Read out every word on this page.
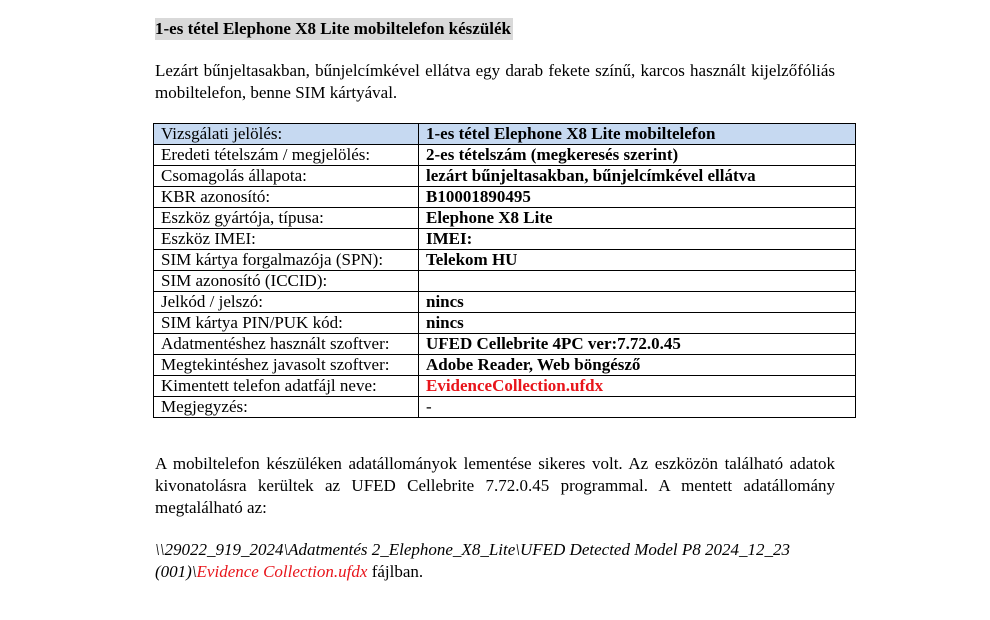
1-es tétel Elephone X8 Lite mobiltelefon készülék
Lezárt bűnjeltasakban, bűnjelcímkével ellátva egy darab fekete színű, karcos használt kijelzőfóliás mobiltelefon, benne SIM kártyával.
Vizsgálati jelölés:	1-es tétel Elephone X8 Lite mobiltelefon
Eredeti tételszám / megjelölés:	2-es tételszám (megkeresés szerint)
Csomagolás állapota:	lezárt bűnjeltasakban, bűnjelcímkével ellátva
KBR azonosító:	B10001890495
Eszköz gyártója, típusa:	Elephone X8 Lite
Eszköz IMEI:	IMEI:
SIM kártya forgalmazója (SPN):	Telekom HU
SIM azonosító (ICCID):	
Jelkód / jelszó:	nincs
SIM kártya PIN/PUK kód:	nincs
Adatmentéshez használt szoftver:	UFED Cellebrite 4PC ver:7.72.0.45
Megtekintéshez javasolt szoftver:	Adobe Reader, Web böngésző
Kimentett telefon adatfájl neve:	EvidenceCollection.ufdx
Megjegyzés:	-
A mobiltelefon készüléken adatállományok lementése sikeres volt. Az eszközön található adatok kivonatolásra kerültek az UFED Cellebrite 7.72.0.45 programmal. A mentett adatállomány megtalálható az:
\\29022_919_2024\Adatmentés 2_Elephone_X8_Lite\UFED Detected Model P8 2024_12_23 (001)\Evidence Collection.ufdx fájlban.
